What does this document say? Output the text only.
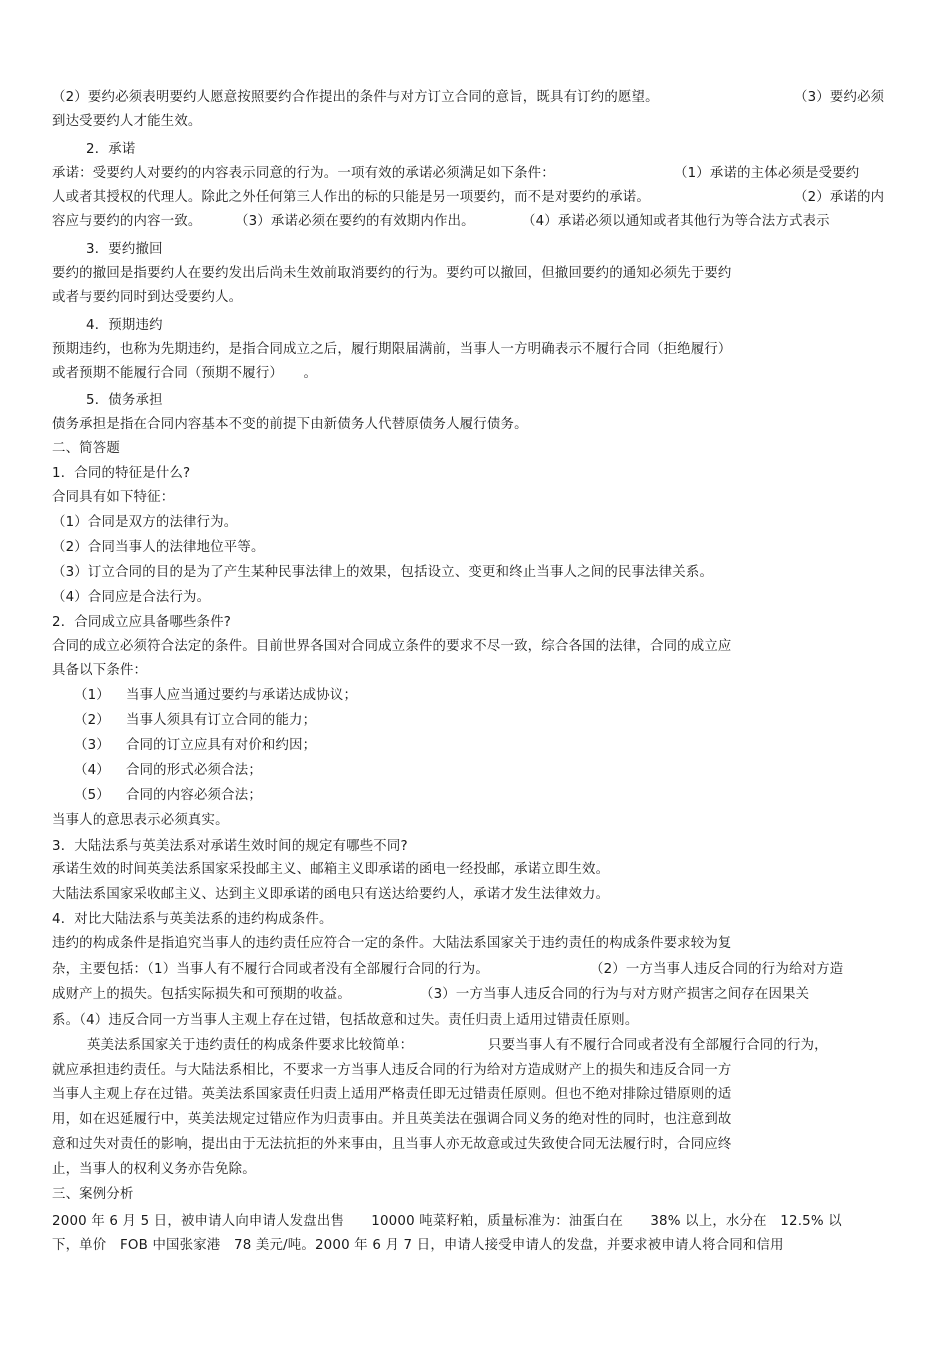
（2）要约必须表明要约人愿意按照要约合作提出的条件与对方订立合同的意旨，既具有订约的愿望。	（3）要约必须
到达受要约人才能生效。
2．承诺
承诺：受要约人对要约的内容表示同意的行为。一项有效的承诺必须满足如下条件：	（1）承诺的主体必须是受要约
人或者其授权的代理人。除此之外任何第三人作出的标的只能是另一项要约，而不是对要约的承诺。	（2）承诺的内
容应与要约的内容一致。	（3）承诺必须在要约的有效期内作出。	（4）承诺必须以通知或者其他行为等合法方式表示
3．要约撤回
要约的撤回是指要约人在要约发出后尚未生效前取消要约的行为。要约可以撤回，但撤回要约的通知必须先于要约
或者与要约同时到达受要约人。
4．预期违约
预期违约，也称为先期违约，是指合同成立之后，履行期限届满前，当事人一方明确表示不履行合同（拒绝履行）
或者预期不能履行合同（预期不履行）　　。
5．债务承担
债务承担是指在合同内容基本不变的前提下由新债务人代替原债务人履行债务。
二、简答题
1．合同的特征是什么?
合同具有如下特征：
（1）合同是双方的法律行为。
（2）合同当事人的法律地位平等。
（3）订立合同的目的是为了产生某种民事法律上的效果，包括设立、变更和终止当事人之间的民事法律关系。
（4）合同应是合法行为。
2．合同成立应具备哪些条件?
合同的成立必须符合法定的条件。目前世界各国对合同成立条件的要求不尽一致，综合各国的法律，合同的成立应
具备以下条件：
（1） 当事人应当通过要约与承诺达成协议；
（2） 当事人须具有订立合同的能力；
（3） 合同的订立应具有对价和约因；
（4） 合同的形式必须合法；
（5） 合同的内容必须合法；
当事人的意思表示必须真实。
3．大陆法系与英美法系对承诺生效时间的规定有哪些不同?
承诺生效的时间英美法系国家采投邮主义、邮箱主义即承诺的函电一经投邮，承诺立即生效。
大陆法系国家采收邮主义、达到主义即承诺的函电只有送达给要约人，承诺才发生法律效力。
4．对比大陆法系与英美法系的违约构成条件。
违约的构成条件是指追究当事人的违约责任应符合一定的条件。大陆法系国家关于违约责任的构成条件要求较为复
杂，主要包括：（1）当事人有不履行合同或者没有全部履行合同的行为。	（2）一方当事人违反合同的行为给对方造
成财产上的损失。包括实际损失和可预期的收益。	（3）一方当事人违反合同的行为与对方财产损害之间存在因果关
系。（4）违反合同一方当事人主观上存在过错，包括故意和过失。责任归责上适用过错责任原则。
英美法系国家关于违约责任的构成条件要求比较简单：	只要当事人有不履行合同或者没有全部履行合同的行为，
就应承担违约责任。与大陆法系相比，不要求一方当事人违反合同的行为给对方造成财产上的损失和违反合同一方
当事人主观上存在过错。英美法系国家责任归责上适用严格责任即无过错责任原则。但也不绝对排除过错原则的适
用，如在迟延履行中，英美法规定过错应作为归责事由。并且英美法在强调合同义务的绝对性的同时，也注意到故
意和过失对责任的影响，提出由于无法抗拒的外来事由，且当事人亦无故意或过失致使合同无法履行时，合同应终
止，当事人的权利义务亦告免除。
三、案例分析
2000 年 6 月 5 日，被申请人向申请人发盘出售　　10000 吨菜籽粕，质量标准为：油蛋白在　　38% 以上，水分在　12.5% 以
下，单价　FOB 中国张家港　78 美元/吨。2000 年 6 月 7 日，申请人接受申请人的发盘，并要求被申请人将合同和信用
